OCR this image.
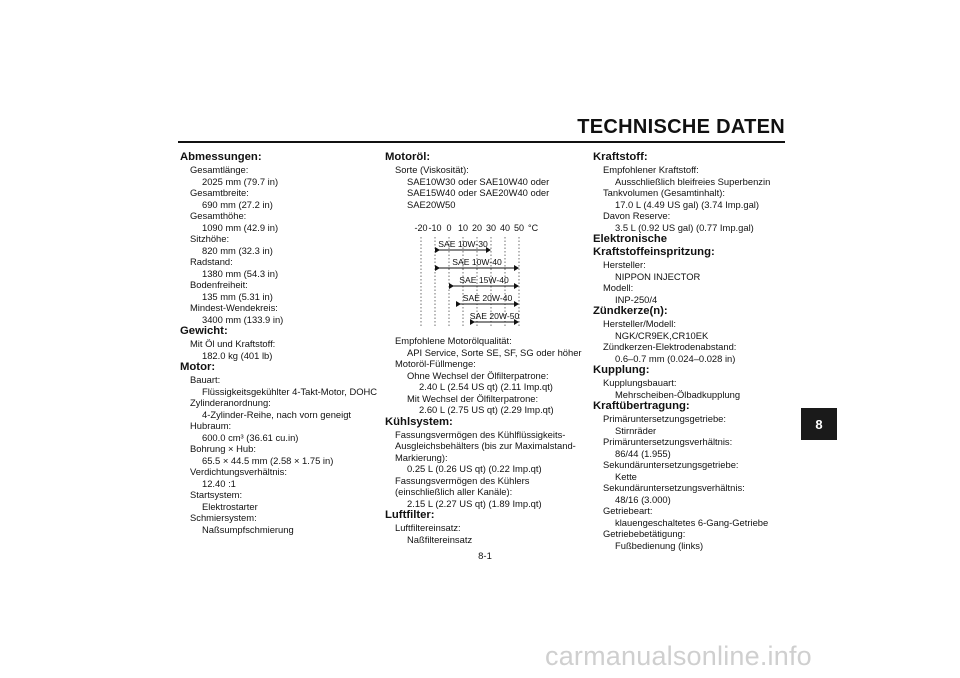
TECHNISCHE DATEN
Abmessungen:
Gesamtlänge:
2025 mm (79.7 in)
Gesamtbreite:
690 mm (27.2 in)
Gesamthöhe:
1090 mm (42.9 in)
Sitzhöhe:
820 mm (32.3 in)
Radstand:
1380 mm (54.3 in)
Bodenfreiheit:
135 mm (5.31 in)
Mindest-Wendekreis:
3400 mm (133.9 in)
Gewicht:
Mit Öl und Kraftstoff:
182.0 kg (401 lb)
Motor:
Bauart:
Flüssigkeitsgekühlter 4-Takt-Motor, DOHC
Zylinderanordnung:
4-Zylinder-Reihe, nach vorn geneigt
Hubraum:
600.0 cm³ (36.61 cu.in)
Bohrung × Hub:
65.5 × 44.5 mm (2.58 × 1.75 in)
Verdichtungsverhältnis:
12.40 :1
Startsystem:
Elektrostarter
Schmiersystem:
Naßsumpfschmierung
Motoröl:
Sorte (Viskosität):
SAE10W30 oder SAE10W40 oder
SAE15W40 oder SAE20W40 oder
SAE20W50
-20 -10 0 10 20 30 40 50 °C
SAE 10W-30
SAE 10W-40
SAE 15W-40
SAE 20W-40
SAE 20W-50
Empfohlene Motorölqualität:
API Service, Sorte SE, SF, SG oder höher
Motoröl-Füllmenge:
Ohne Wechsel der Ölfilterpatrone:
2.40 L (2.54 US qt) (2.11 Imp.qt)
Mit Wechsel der Ölfilterpatrone:
2.60 L (2.75 US qt) (2.29 Imp.qt)
Kühlsystem:
Fassungsvermögen des Kühlflüssigkeits-
Ausgleichsbehälters (bis zur Maximalstand-
Markierung):
0.25 L (0.26 US qt) (0.22 Imp.qt)
Fassungsvermögen des Kühlers
(einschließlich aller Kanäle):
2.15 L (2.27 US qt) (1.89 Imp.qt)
Luftfilter:
Luftfiltereinsatz:
Naßfiltereinsatz
Kraftstoff:
Empfohlener Kraftstoff:
Ausschließlich bleifreies Superbenzin
Tankvolumen (Gesamtinhalt):
17.0 L (4.49 US gal) (3.74 Imp.gal)
Davon Reserve:
3.5 L (0.92 US gal) (0.77 Imp.gal)
Elektronische Kraftstoffeinspritzung:
Hersteller:
NIPPON INJECTOR
Modell:
INP-250/4
Zündkerze(n):
Hersteller/Modell:
NGK/CR9EK,CR10EK
Zündkerzen-Elektrodenabstand:
0.6–0.7 mm (0.024–0.028 in)
Kupplung:
Kupplungsbauart:
Mehrscheiben-Ölbadkupplung
Kraftübertragung:
Primäruntersetzungsgetriebe:
Stirnräder
Primäruntersetzungsverhältnis:
86/44 (1.955)
Sekundäruntersetzungsgetriebe:
Kette
Sekundäruntersetzungsverhältnis:
48/16 (3.000)
Getriebeart:
klauengeschaltetes 6-Gang-Getriebe
Getriebebetätigung:
Fußbedienung (links)
8-1
8
carmanualsonline.info
